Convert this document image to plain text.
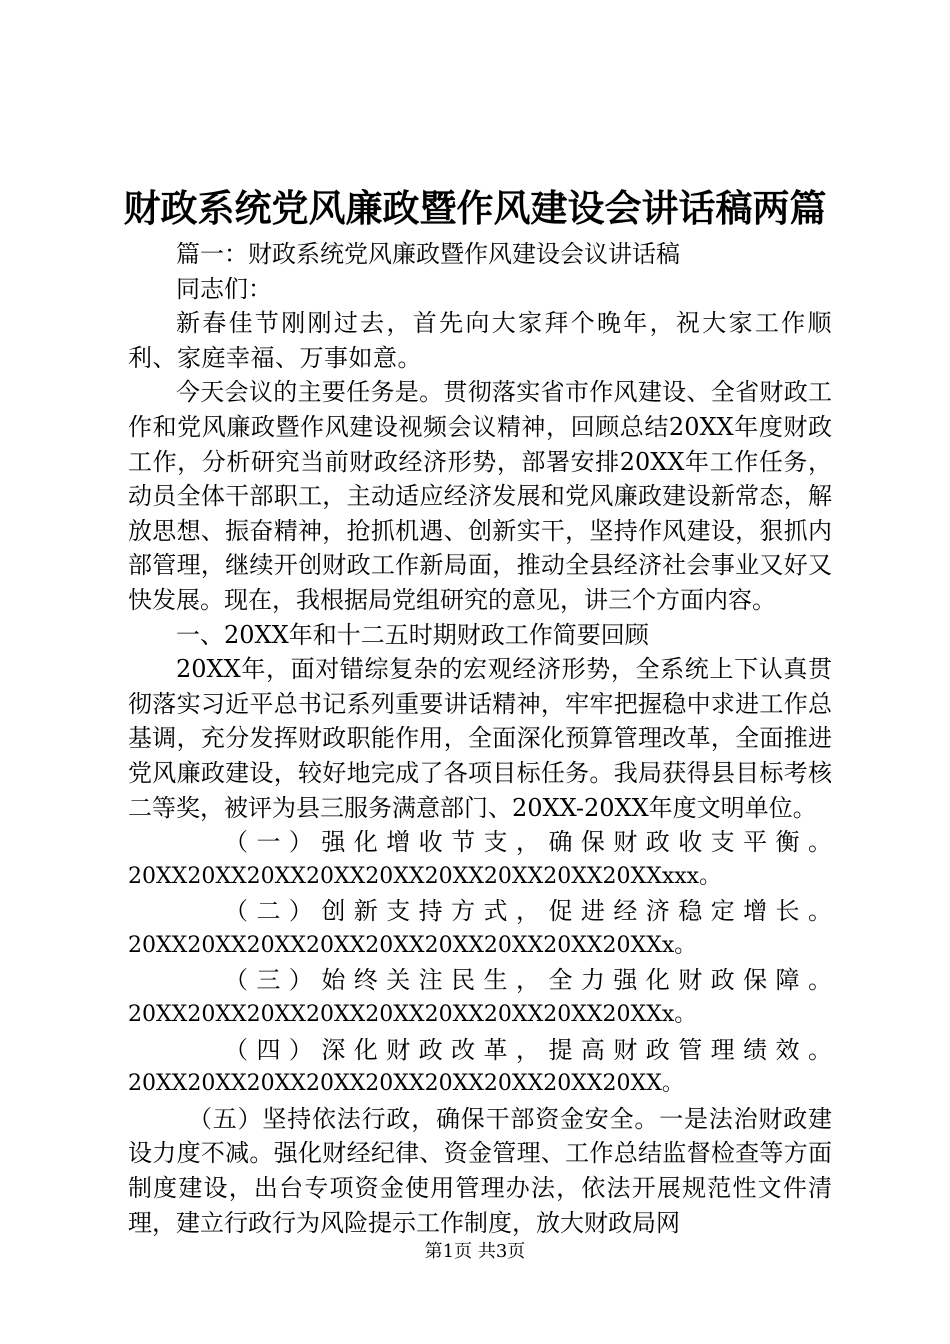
财政系统党风廉政暨作风建设会讲话稿两篇

篇一：财政系统党风廉政暨作风建设会议讲话稿

同志们：

新春佳节刚刚过去，首先向大家拜个晚年，祝大家工作顺利、家庭幸福、万事如意。

今天会议的主要任务是。贯彻落实省市作风建设、全省财政工作和党风廉政暨作风建设视频会议精神，回顾总结20XX年度财政工作，分析研究当前财政经济形势，部署安排20XX年工作任务，动员全体干部职工，主动适应经济发展和党风廉政建设新常态，解放思想、振奋精神，抢抓机遇、创新实干，坚持作风建设，狠抓内部管理，继续开创财政工作新局面，推动全县经济社会事业又好又快发展。现在，我根据局党组研究的意见，讲三个方面内容。

一、20XX年和十二五时期财政工作简要回顾

20XX年，面对错综复杂的宏观经济形势，全系统上下认真贯彻落实习近平总书记系列重要讲话精神，牢牢把握稳中求进工作总基调，充分发挥财政职能作用，全面深化预算管理改革，全面推进党风廉政建设，较好地完成了各项目标任务。我局获得县目标考核二等奖，被评为县三服务满意部门、20XX-20XX年度文明单位。

（一）强化增收节支，确保财政收支平衡。
20XX20XX20XX20XX20XX20XX20XX20XX20XXxxx。
（二）创新支持方式，促进经济稳定增长。
20XX20XX20XX20XX20XX20XX20XX20XX20XXx。
（三）始终关注民生，全力强化财政保障。
20XX20XX20XX20XX20XX20XX20XX20XX20XXx。
（四）深化财政改革，提高财政管理绩效。
20XX20XX20XX20XX20XX20XX20XX20XX20XX。

（五）坚持依法行政，确保干部资金安全。一是法治财政建设力度不减。强化财经纪律、资金管理、工作总结监督检查等方面制度建设，出台专项资金使用管理办法，依法开展规范性文件清理，建立行政行为风险提示工作制度，放大财政局网

第1页 共3页
